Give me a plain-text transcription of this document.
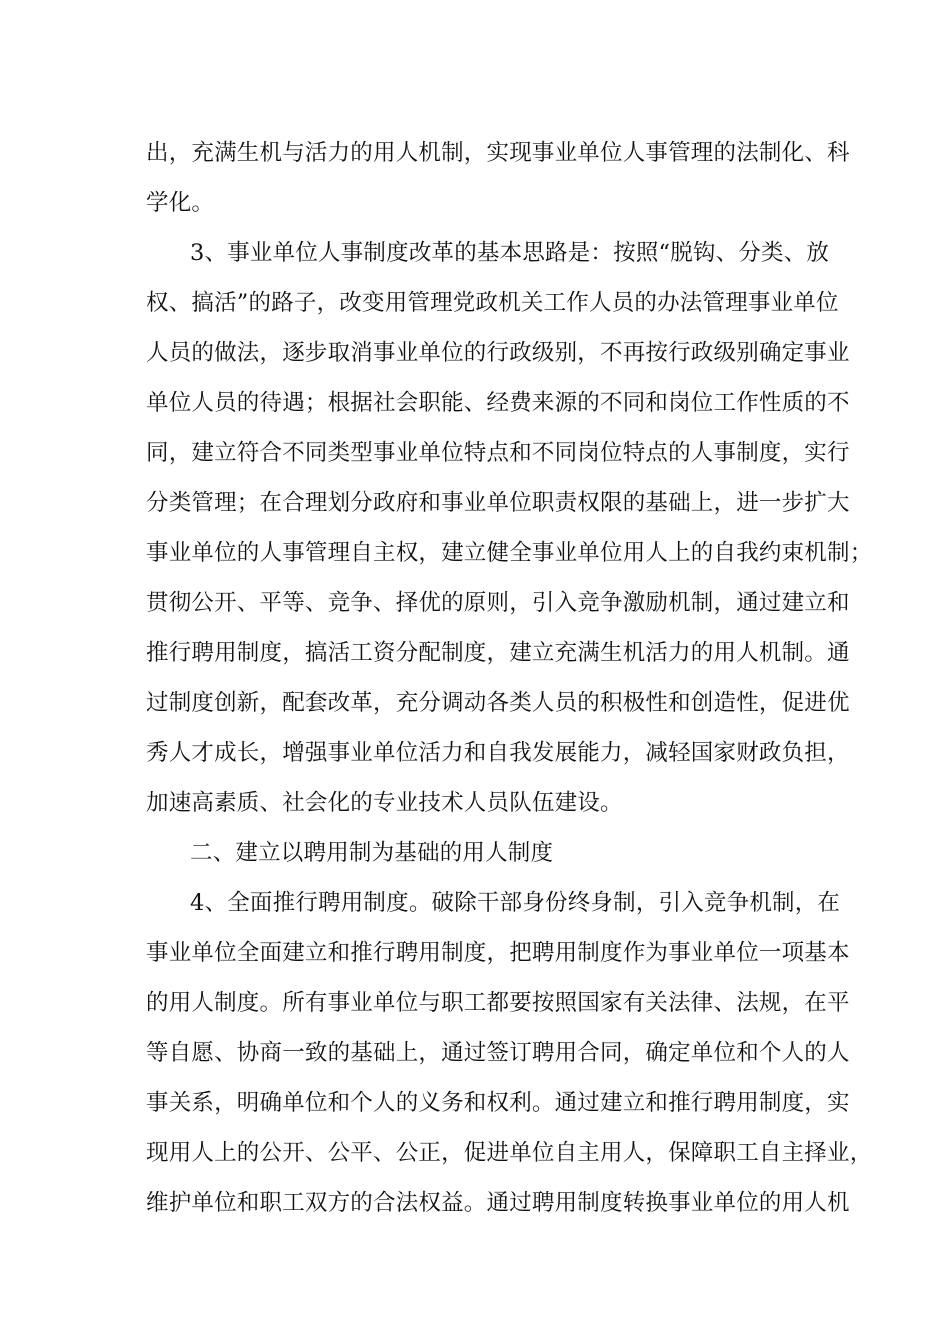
出，充满生机与活力的用人机制，实现事业单位人事管理的法制化、科
学化。
3、事业单位人事制度改革的基本思路是：按照“脱钩、分类、放
权、搞活”的路子，改变用管理党政机关工作人员的办法管理事业单位
人员的做法，逐步取消事业单位的行政级别，不再按行政级别确定事业
单位人员的待遇；根据社会职能、经费来源的不同和岗位工作性质的不
同，建立符合不同类型事业单位特点和不同岗位特点的人事制度，实行
分类管理；在合理划分政府和事业单位职责权限的基础上，进一步扩大
事业单位的人事管理自主权，建立健全事业单位用人上的自我约束机制；
贯彻公开、平等、竞争、择优的原则，引入竞争激励机制，通过建立和
推行聘用制度，搞活工资分配制度，建立充满生机活力的用人机制。通
过制度创新，配套改革，充分调动各类人员的积极性和创造性，促进优
秀人才成长，增强事业单位活力和自我发展能力，减轻国家财政负担，
加速高素质、社会化的专业技术人员队伍建设。
二、建立以聘用制为基础的用人制度
4、全面推行聘用制度。破除干部身份终身制，引入竞争机制，在
事业单位全面建立和推行聘用制度，把聘用制度作为事业单位一项基本
的用人制度。所有事业单位与职工都要按照国家有关法律、法规，在平
等自愿、协商一致的基础上，通过签订聘用合同，确定单位和个人的人
事关系，明确单位和个人的义务和权利。通过建立和推行聘用制度，实
现用人上的公开、公平、公正，促进单位自主用人，保障职工自主择业，
维护单位和职工双方的合法权益。通过聘用制度转换事业单位的用人机
